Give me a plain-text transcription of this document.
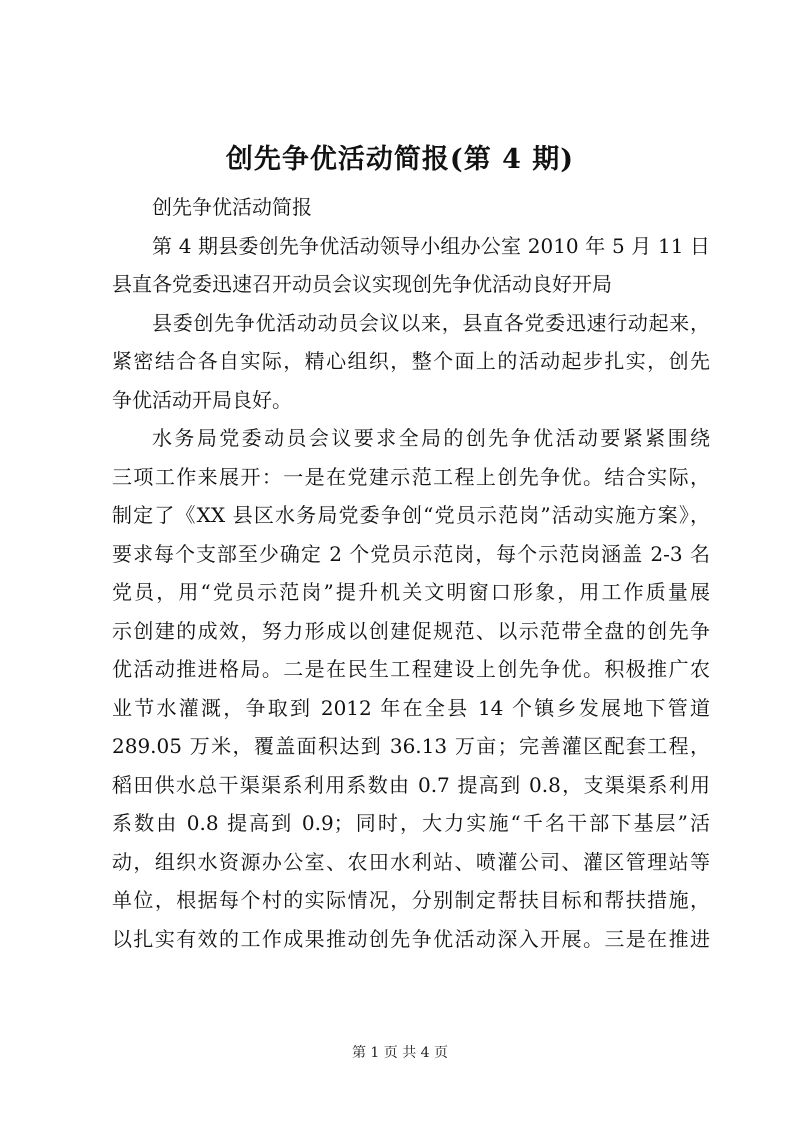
创先争优活动简报(第 4 期)
创先争优活动简报
第 4 期县委创先争优活动领导小组办公室 2010 年 5 月 11 日
县直各党委迅速召开动员会议实现创先争优活动良好开局
县委创先争优活动动员会议以来，县直各党委迅速行动起来，
紧密结合各自实际，精心组织，整个面上的活动起步扎实，创先
争优活动开局良好。
水务局党委动员会议要求全局的创先争优活动要紧紧围绕
三项工作来展开：一是在党建示范工程上创先争优。结合实际，
制定了《XX 县区水务局党委争创“党员示范岗”活动实施方案》，
要求每个支部至少确定 2 个党员示范岗，每个示范岗涵盖 2-3 名
党员，用“党员示范岗”提升机关文明窗口形象，用工作质量展
示创建的成效，努力形成以创建促规范、以示范带全盘的创先争
优活动推进格局。二是在民生工程建设上创先争优。积极推广农
业节水灌溉，争取到 2012 年在全县 14 个镇乡发展地下管道
289.05 万米，覆盖面积达到 36.13 万亩；完善灌区配套工程，
稻田供水总干渠渠系利用系数由 0.7 提高到 0.8，支渠渠系利用
系数由 0.8 提高到 0.9；同时，大力实施“千名干部下基层”活
动，组织水资源办公室、农田水利站、喷灌公司、灌区管理站等
单位，根据每个村的实际情况，分别制定帮扶目标和帮扶措施，
以扎实有效的工作成果推动创先争优活动深入开展。三是在推进
第 1 页 共 4 页
